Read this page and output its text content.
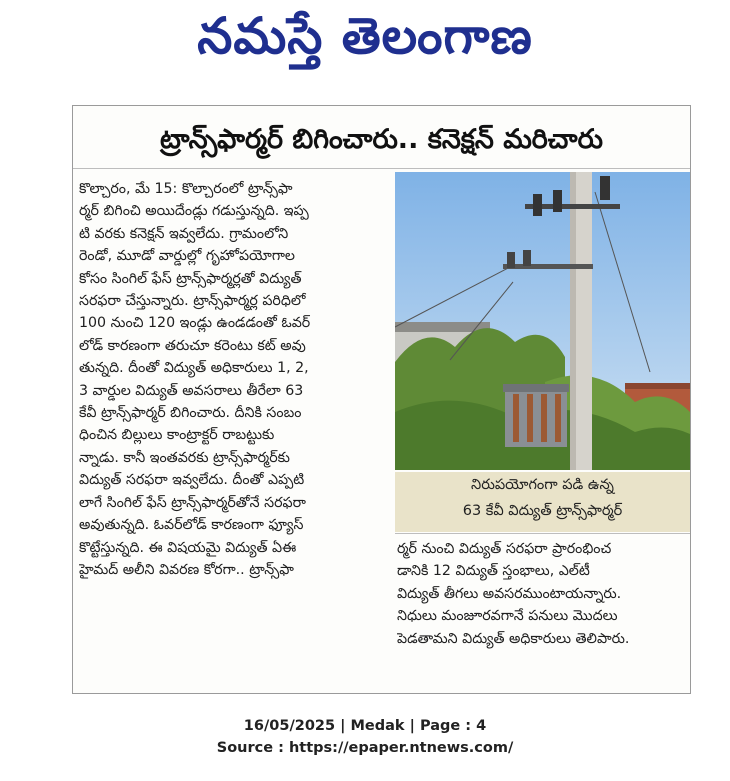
నమస్తే తెలంగాణ
ట్రాన్స్‌ఫార్మర్ బిగించారు.. కనెక్షన్ మరిచారు
కొల్చారం, మే 15: కొల్చారంలో ట్రాన్స్‌ఫా
ర్మర్ బిగించి అయిదేండ్లు గడుస్తున్నది. ఇప్ప
టి వరకు కనెక్షన్ ఇవ్వలేదు. గ్రామంలోని
రెండో, మూడో వార్డుల్లో గృహోపయోగాల
కోసం సింగిల్ ఫేస్ ట్రాన్స్‌ఫార్మర్లతో విద్యుత్
సరఫరా చేస్తున్నారు. ట్రాన్స్‌ఫార్మర్ల పరిధిలో
100 నుంచి 120 ఇండ్లు ఉండడంతో ఓవర్
లోడ్ కారణంగా తరుచూ కరెంటు కట్ అవు
తున్నది. దీంతో విద్యుత్ అధికారులు 1, 2,
3 వార్డుల విద్యుత్ అవసరాలు తీరేలా 63
కేవీ ట్రాన్స్‌ఫార్మర్ బిగించారు. దీనికి సంబం
ధించిన బిల్లులు కాంట్రాక్టర్ రాబట్టుకు
న్నాడు. కానీ ఇంతవరకు ట్రాన్స్‌ఫార్మర్‌కు
విద్యుత్ సరఫరా ఇవ్వలేదు. దీంతో ఎప్పటి
లాగే సింగిల్ ఫేస్ ట్రాన్స్‌ఫార్మర్‌తోనే సరఫరా
అవుతున్నది. ఓవర్‌లోడ్ కారణంగా ఫ్యూస్
కొట్టేస్తున్నది. ఈ విషయమై విద్యుత్ ఏఈ
హైమద్ అలీని వివరణ కోరగా.. ట్రాన్స్‌ఫా
నిరుపయోగంగా పడి ఉన్న
63 కేవీ విద్యుత్ ట్రాన్స్‌ఫార్మర్
ర్మర్ నుంచి విద్యుత్ సరఫరా ప్రారంభించ
డానికి 12 విద్యుత్ స్తంభాలు, ఎల్‌టీ
విద్యుత్ తీగలు అవసరముంటాయన్నారు.
నిధులు మంజూరవగానే పనులు మొదలు
పెడతామని విద్యుత్ అధికారులు తెలిపారు.
16/05/2025 | Medak | Page : 4
Source : https://epaper.ntnews.com/
